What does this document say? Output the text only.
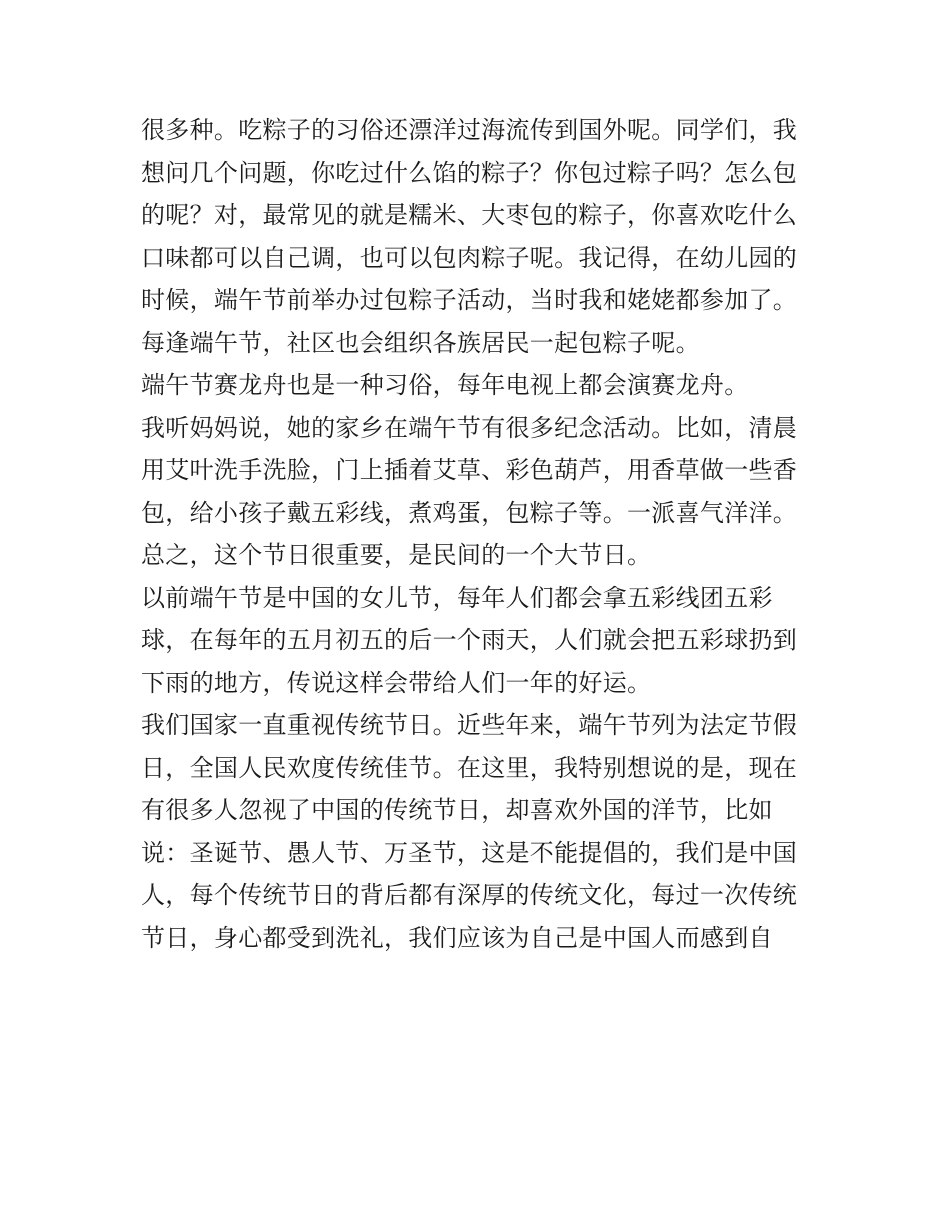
很多种。吃粽子的习俗还漂洋过海流传到国外呢。同学们，我
想问几个问题，你吃过什么馅的粽子？你包过粽子吗？怎么包
的呢？对，最常见的就是糯米、大枣包的粽子，你喜欢吃什么
口味都可以自己调，也可以包肉粽子呢。我记得，在幼儿园的
时候，端午节前举办过包粽子活动，当时我和姥姥都参加了。
每逢端午节，社区也会组织各族居民一起包粽子呢。
端午节赛龙舟也是一种习俗，每年电视上都会演赛龙舟。
我听妈妈说，她的家乡在端午节有很多纪念活动。比如，清晨
用艾叶洗手洗脸，门上插着艾草、彩色葫芦，用香草做一些香
包，给小孩子戴五彩线，煮鸡蛋，包粽子等。一派喜气洋洋。
总之，这个节日很重要，是民间的一个大节日。
以前端午节是中国的女儿节，每年人们都会拿五彩线团五彩
球，在每年的五月初五的后一个雨天，人们就会把五彩球扔到
下雨的地方，传说这样会带给人们一年的好运。
我们国家一直重视传统节日。近些年来，端午节列为法定节假
日，全国人民欢度传统佳节。在这里，我特别想说的是，现在
有很多人忽视了中国的传统节日，却喜欢外国的洋节，比如
说：圣诞节、愚人节、万圣节，这是不能提倡的，我们是中国
人，每个传统节日的背后都有深厚的传统文化，每过一次传统
节日，身心都受到洗礼，我们应该为自己是中国人而感到自
